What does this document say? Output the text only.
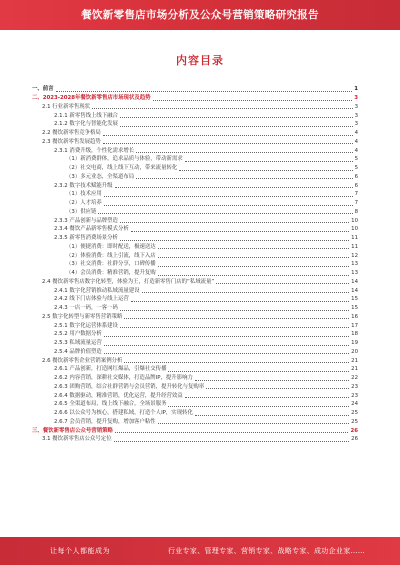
餐饮新零售店市场分析及公众号营销策略研究报告
内容目录
一、前言	1
二、2023-2028年餐饮新零售店市场现状及趋势	3
2.1 行业新零售现状	3
2.1.1 新零售线上线下融合	3
2.1.2 数字化与智能化发展	3
2.2 餐饮新零售竞争格局	4
2.3 餐饮新零售发展趋势	4
2.3.1 消费升级，个性化需求增长	4
（1）新消费群体，追求品质与体验，带动新需求	5
（2）社交电商，线上线下互动，带来流量转化	5
（3）多元业态，全渠道布局	6
2.3.2 数字技术赋能升级	6
（1）技术应用	7
（2）人才培养	7
（3）供应链	8
2.3.3 产品创新与品牌塑造	10
2.3.4 餐饮产品新零售模式分析	10
2.3.5 新零售消费场景分析	11
（1）便捷消费：即时配送，极速送达	11
（2）体验消费：线上引流，线下入店	12
（3）社交消费：社群分享，口碑传播	13
（4）会员消费：精准营销，提升复购	13
2.4 餐饮新零售店数字化转型，体验为王，打造新零售门店的“私域流量”	14
2.4.1 数字化营销推动私域流量建设	14
2.4.2 线下门店体验与线上运营	15
2.4.3 一店一码，一客一码	15
2.5 数字化转型与新零售营销策略	16
2.5.1 数字化运营体系建设	17
2.5.2 用户数据分析	18
2.5.3 私域流量运营	19
2.5.4 品牌价值塑造	20
2.6 餐饮新零售企业营销案例分析	21
2.6.1 产品创新，打造网红爆品，引爆社交传播	21
2.6.2 内容营销，深耕社交媒体，打造品牌IP，提升影响力	22
2.6.3 团购营销，结合社群营销与会员营销，提升转化与复购率	23
2.6.4 数据驱动，精准营销，优化运营，提升经营效益	23
2.6.5 全渠道布局，线上线下融合，全场景服务	24
2.6.6 以公众号为核心，搭建私域，打造个人IP，实现转化	25
2.6.7 会员营销，提升复购，增加客户粘性	25
三、餐饮新零售店公众号营销策略	26
3.1 餐饮新零售店公众号定位	26
让每个人都能成为	行业专家、管理专家、营销专家、战略专家、成功企业家……
